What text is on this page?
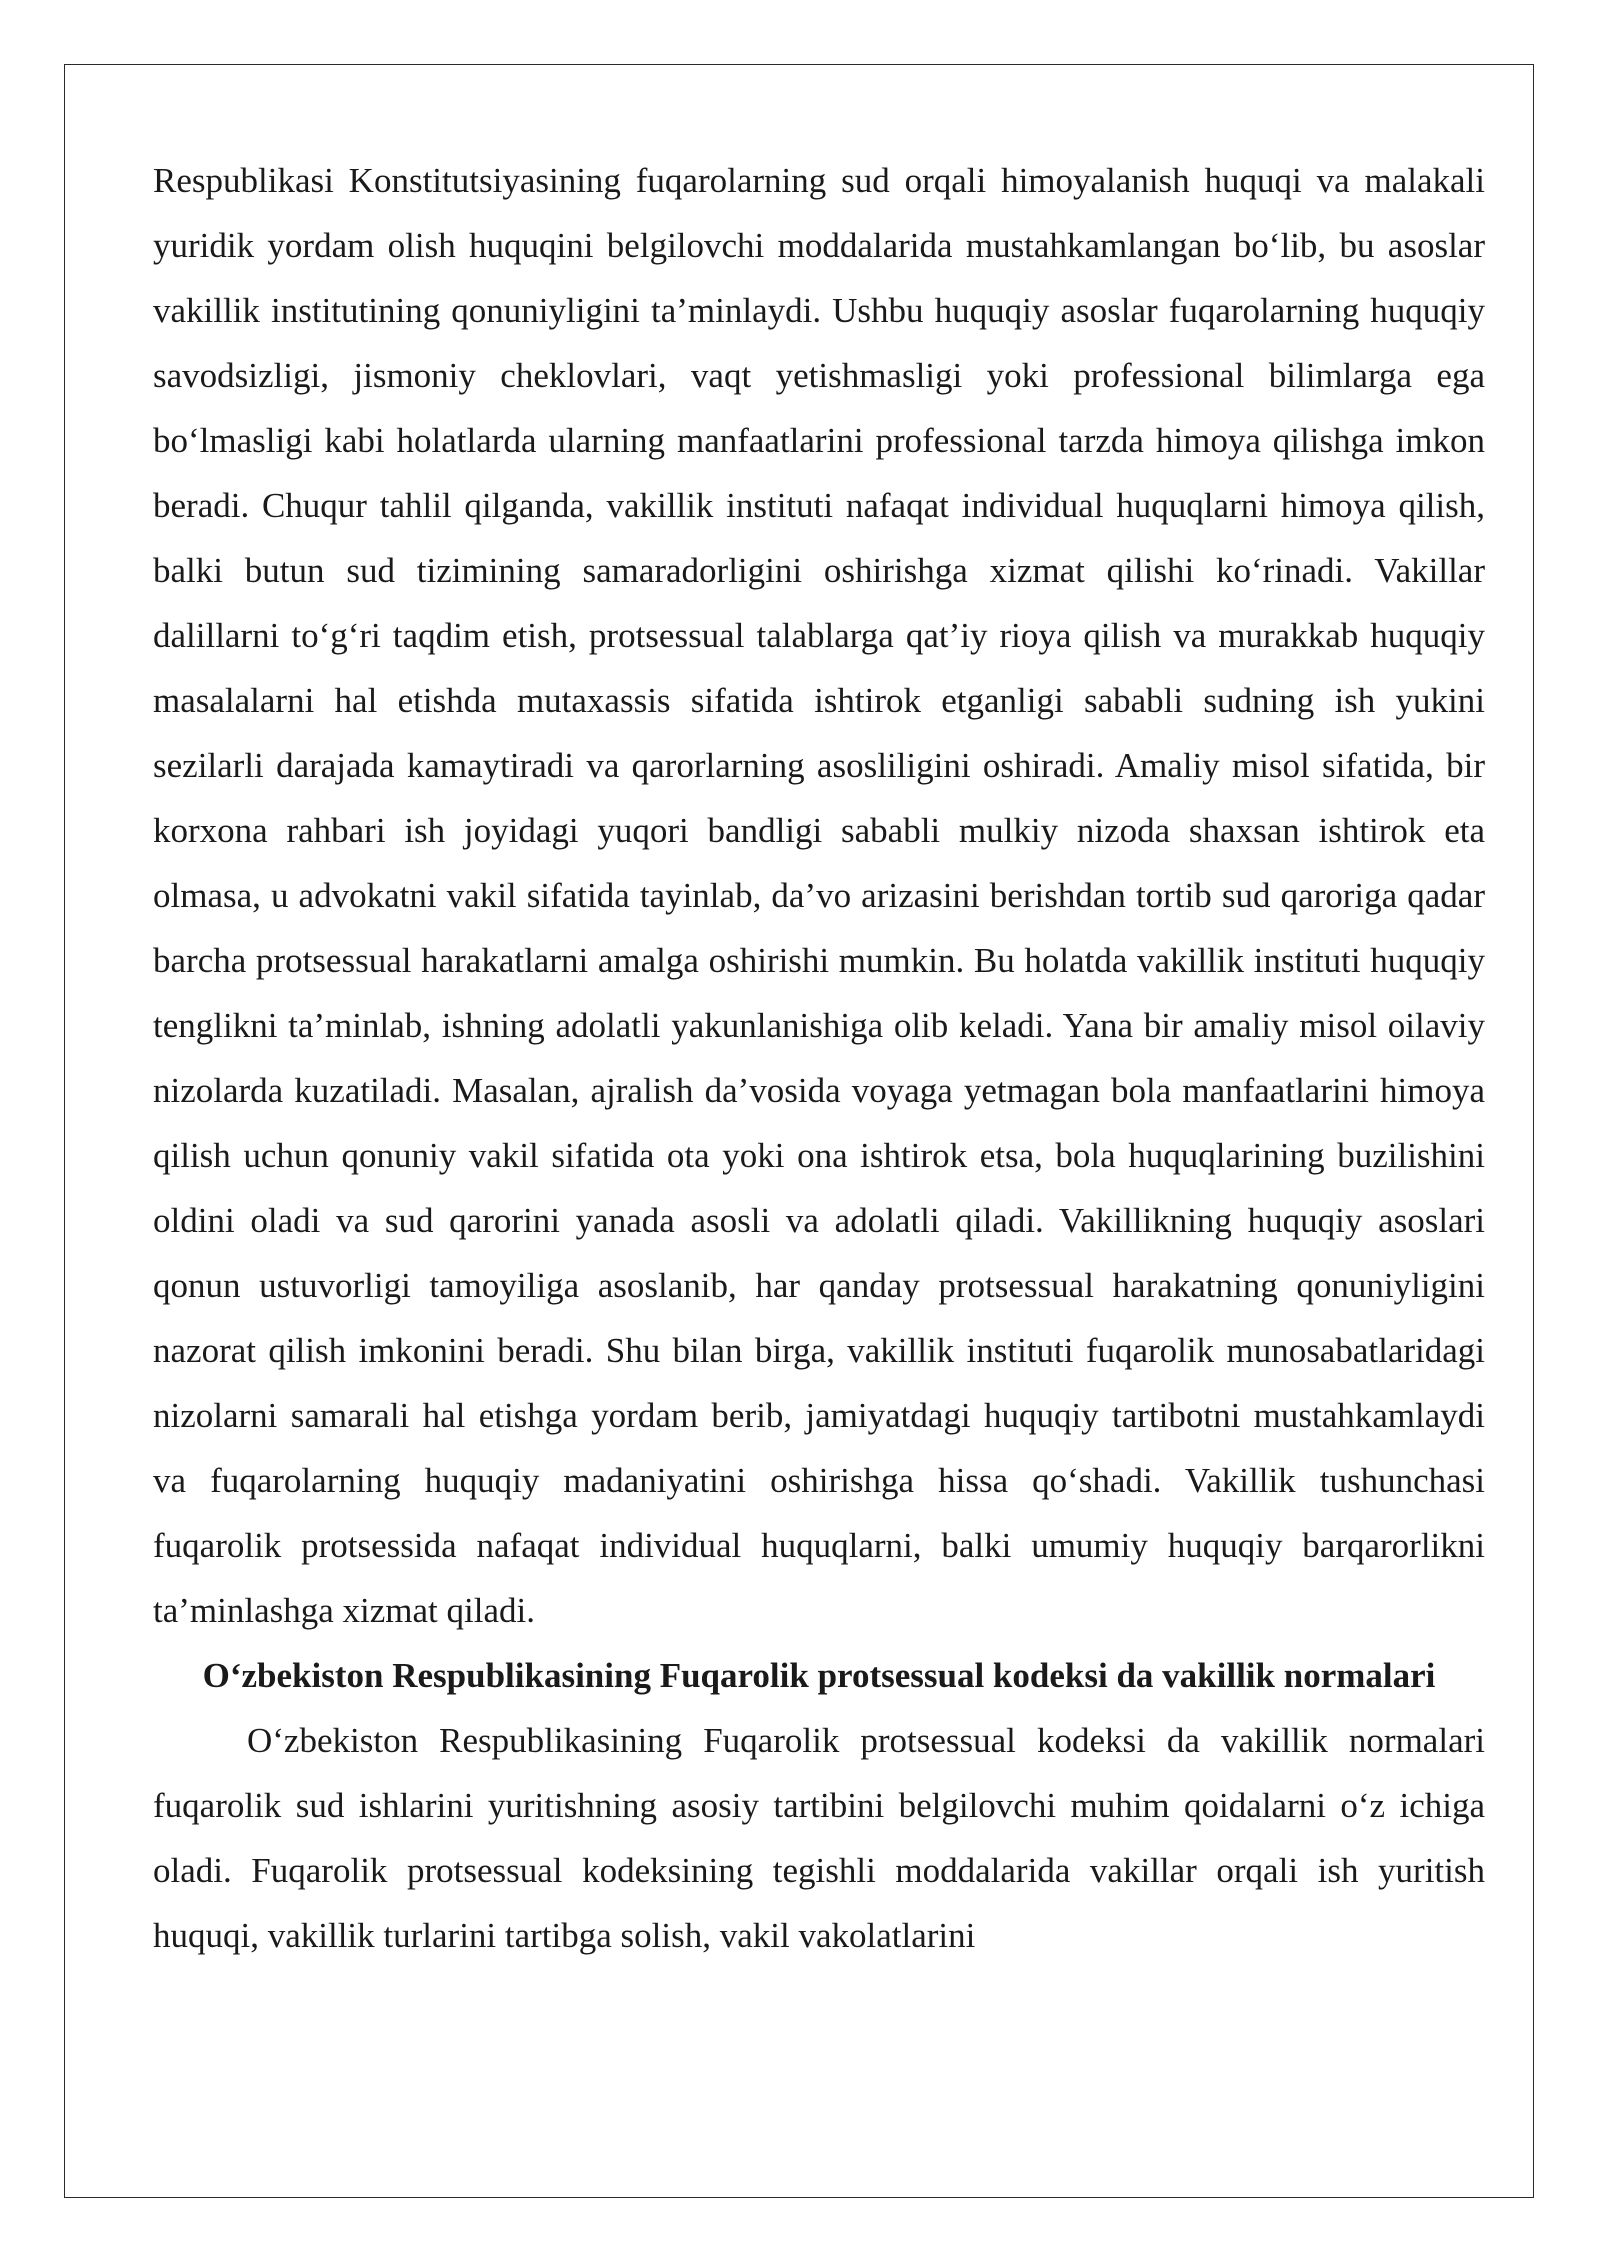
Respublikasi Konstitutsiyasining fuqarolarning sud orqali himoyalanish huquqi va malakali yuridik yordam olish huquqini belgilovchi moddalarida mustahkamlangan bo‘lib, bu asoslar vakillik institutining qonuniyligini ta’minlaydi. Ushbu huquqiy asoslar fuqarolarning huquqiy savodsizligi, jismoniy cheklovlari, vaqt yetishmasligi yoki professional bilimlarga ega bo‘lmasligi kabi holatlarda ularning manfaatlarini professional tarzda himoya qilishga imkon beradi. Chuqur tahlil qilganda, vakillik instituti nafaqat individual huquqlarni himoya qilish, balki butun sud tizimining samaradorligini oshirishga xizmat qilishi ko‘rinadi. Vakillar dalillarni to‘g‘ri taqdim etish, protsessual talablarga qat’iy rioya qilish va murakkab huquqiy masalalarni hal etishda mutaxassis sifatida ishtirok etganligi sababli sudning ish yukini sezilarli darajada kamaytiradi va qarorlarning asosliligini oshiradi. Amaliy misol sifatida, bir korxona rahbari ish joyidagi yuqori bandligi sababli mulkiy nizoda shaxsan ishtirok eta olmasa, u advokatni vakil sifatida tayinlab, da’vo arizasini berishdan tortib sud qaroriga qadar barcha protsessual harakatlarni amalga oshirishi mumkin. Bu holatda vakillik instituti huquqiy tenglikni ta’minlab, ishning adolatli yakunlanishiga olib keladi. Yana bir amaliy misol oilaviy nizolarda kuzatiladi. Masalan, ajralish da’vosida voyaga yetmagan bola manfaatlarini himoya qilish uchun qonuniy vakil sifatida ota yoki ona ishtirok etsa, bola huquqlarining buzilishini oldini oladi va sud qarorini yanada asosli va adolatli qiladi. Vakillikning huquqiy asoslari qonun ustuvorligi tamoyiliga asoslanib, har qanday protsessual harakatning qonuniyligini nazorat qilish imkonini beradi. Shu bilan birga, vakillik instituti fuqarolik munosabatlaridagi nizolarni samarali hal etishga yordam berib, jamiyatdagi huquqiy tartibotni mustahkamlaydi va fuqarolarning huquqiy madaniyatini oshirishga hissa qo‘shadi. Vakillik tushunchasi fuqarolik protsessida nafaqat individual huquqlarni, balki umumiy huquqiy barqarorlikni ta’minlashga xizmat qiladi.

O‘zbekiston Respublikasining Fuqarolik protsessual kodeksi da vakillik normalari

O‘zbekiston Respublikasining Fuqarolik protsessual kodeksi da vakillik normalari fuqarolik sud ishlarini yuritishning asosiy tartibini belgilovchi muhim qoidalarni o‘z ichiga oladi. Fuqarolik protsessual kodeksining tegishli moddalarida vakillar orqali ish yuritish huquqi, vakillik turlarini tartibga solish, vakil vakolatlarini
